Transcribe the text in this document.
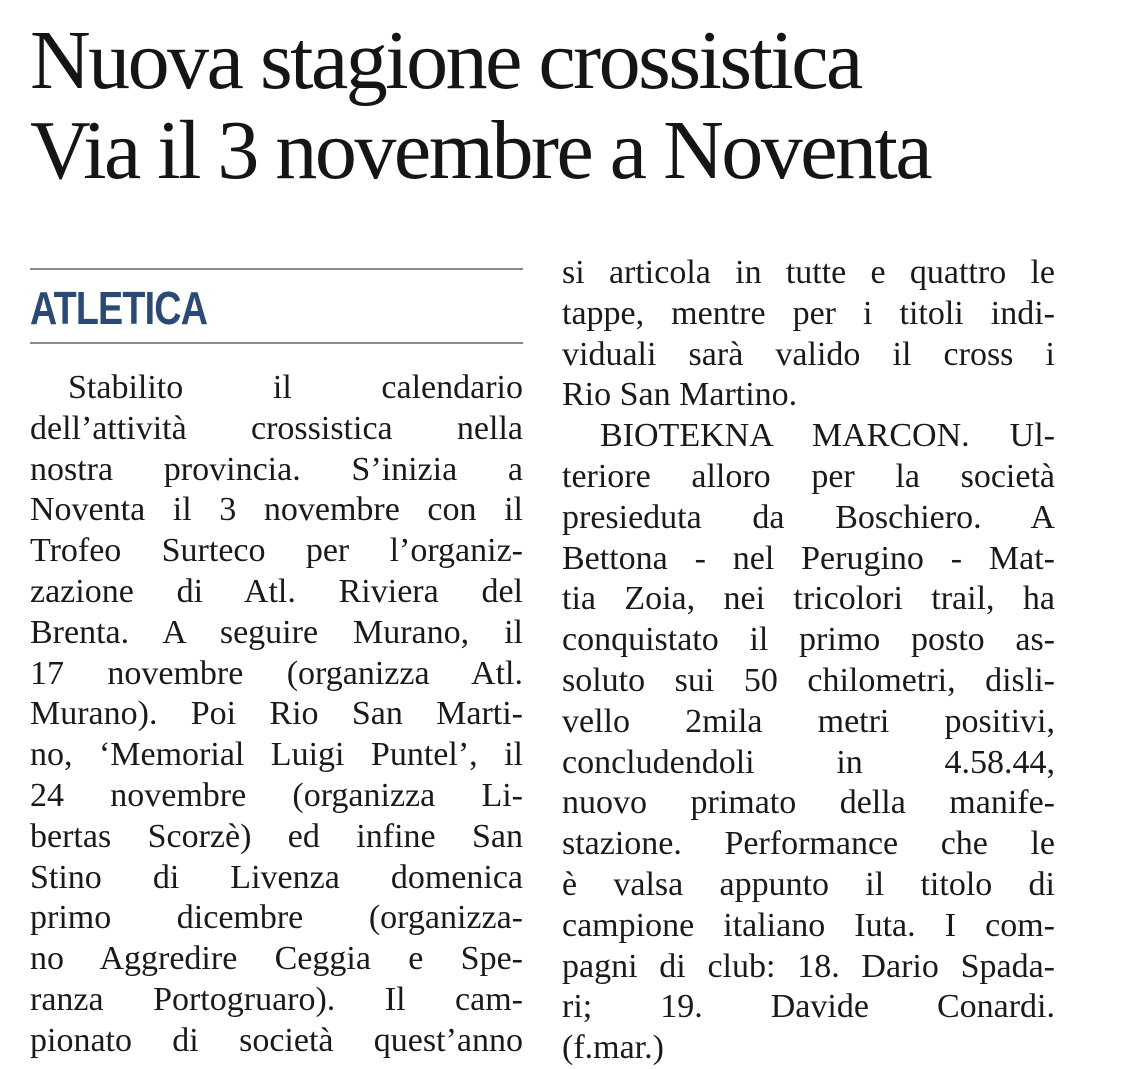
Nuova stagione crossistica
Via il 3 novembre a Noventa
ATLETICA
Stabilito il calendario
dell’attività crossistica nella
nostra provincia. S’inizia a
Noventa il 3 novembre con il
Trofeo Surteco per l’organiz-
zazione di Atl. Riviera del
Brenta. A seguire Murano, il
17 novembre (organizza Atl.
Murano). Poi Rio San Marti-
no, ‘Memorial Luigi Puntel’, il
24 novembre (organizza Li-
bertas Scorzè) ed infine San
Stino di Livenza domenica
primo dicembre (organizza-
no Aggredire Ceggia e Spe-
ranza Portogruaro). Il cam-
pionato di società quest’anno
si articola in tutte e quattro le
tappe, mentre per i titoli indi-
viduali sarà valido il cross i
Rio San Martino.
BIOTEKNA MARCON. Ul-
teriore alloro per la società
presieduta da Boschiero. A
Bettona - nel Perugino - Mat-
tia Zoia, nei tricolori trail, ha
conquistato il primo posto as-
soluto sui 50 chilometri, disli-
vello 2mila metri positivi,
concludendoli in 4.58.44,
nuovo primato della manife-
stazione. Performance che le
è valsa appunto il titolo di
campione italiano Iuta. I com-
pagni di club: 18. Dario Spada-
ri; 19. Davide Conardi.
(f.mar.)
